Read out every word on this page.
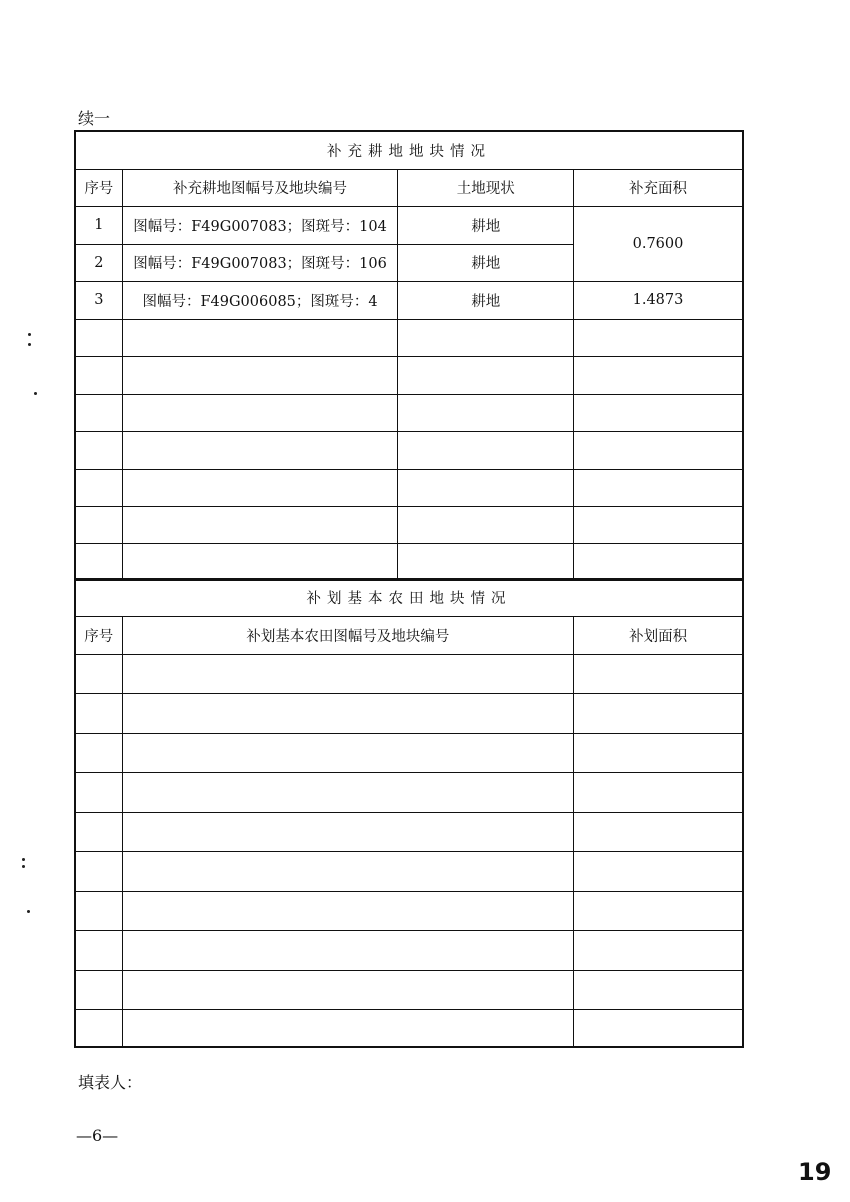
续一
补充耕地地块情况			
序号	补充耕地图幅号及地块编号	土地现状	补充面积
1	图幅号：F49G007083；图斑号：104	耕地	0.7600
2	图幅号：F49G007083；图斑号：106	耕地	
3	图幅号：F49G006085；图斑号：4	耕地	1.4873

补划基本农田地块情况		
序号	补划基本农田图幅号及地块编号	补划面积

填表人：
—6—
19
